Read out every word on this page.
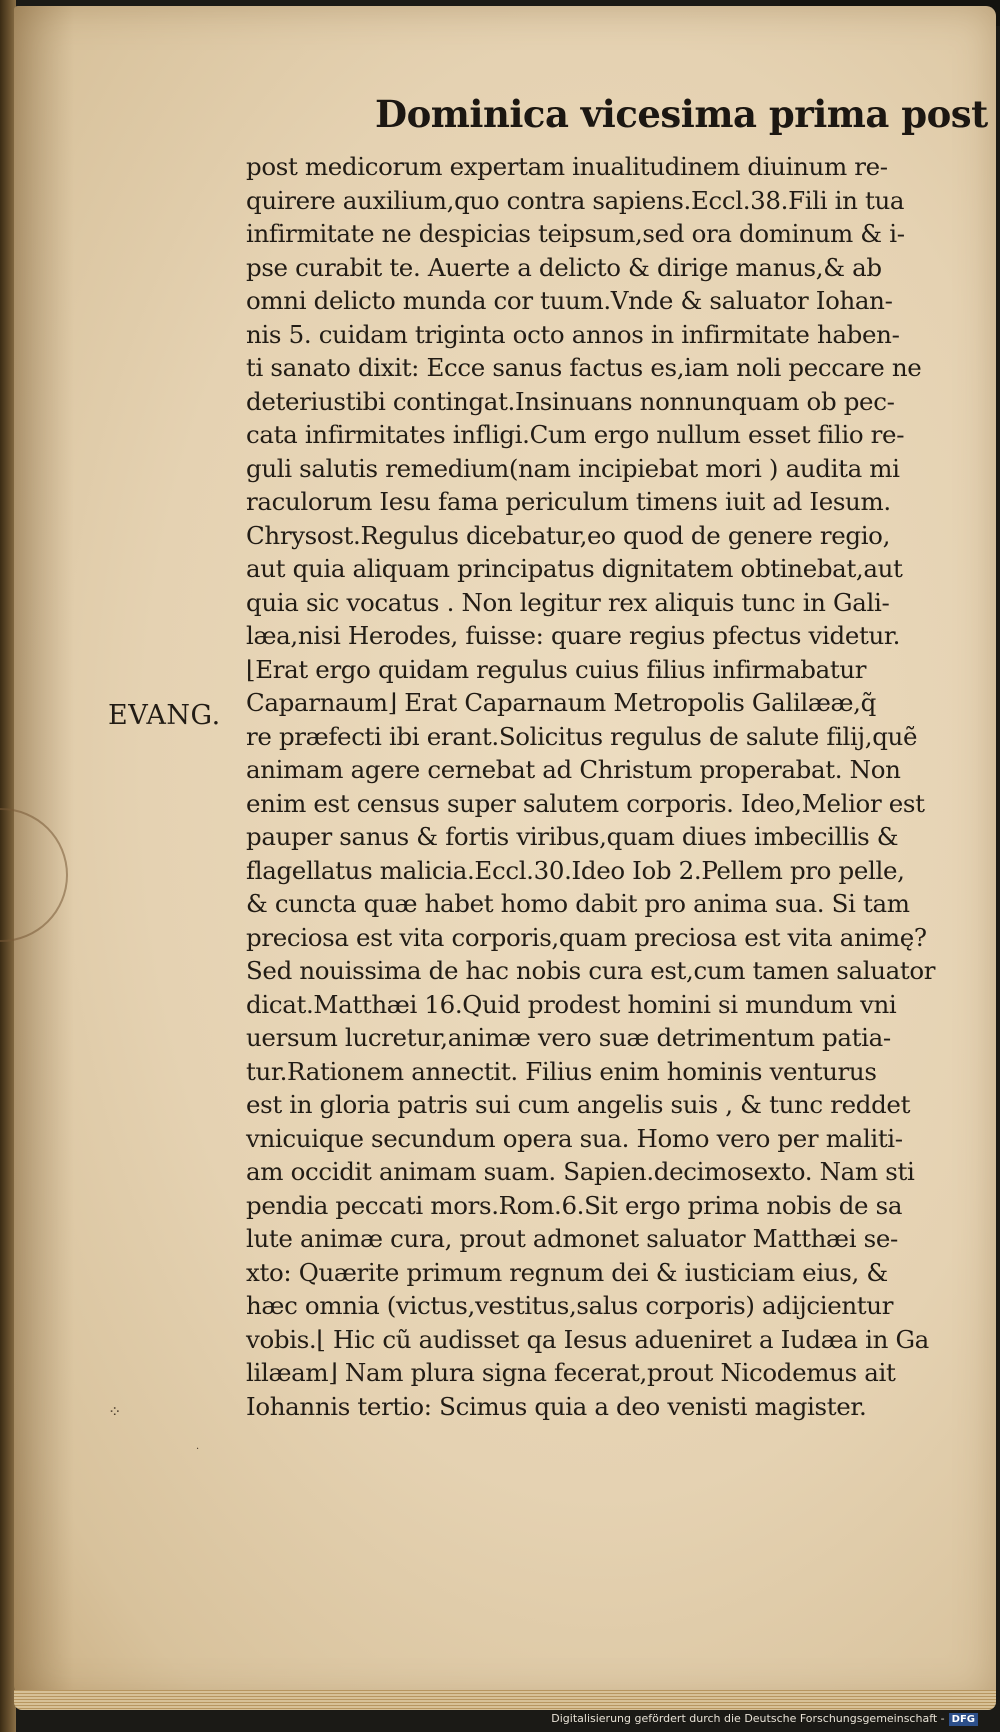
Dominica vicesima prima post
EVANG.
⁘
·
post medicorum expertam inualitudinem diuinum re-
quirere auxilium,quo contra sapiens.Eccl.38.Fili in tua
infirmitate ne despicias teipsum,sed ora dominum & i-
pse curabit te. Auerte a delicto & dirige manus,& ab
omni delicto munda cor tuum.Vnde & saluator Iohan-
nis 5. cuidam triginta octo annos in infirmitate haben-
ti sanato dixit: Ecce sanus factus es,iam noli peccare ne
deteriustibi contingat.Insinuans nonnunquam ob pec-
cata infirmitates infligi.Cum ergo nullum esset filio re-
guli salutis remedium(nam incipiebat mori ) audita mi
raculorum Iesu fama periculum timens iuit ad Iesum.
Chrysost.Regulus dicebatur,eo quod de genere regio,
aut quia aliquam principatus dignitatem obtinebat,aut
quia sic vocatus . Non legitur rex aliquis tunc in Gali-
læa,nisi Herodes, fuisse: quare regius pfectus videtur.
⌊Erat ergo quidam regulus cuius filius infirmabatur
Caparnaum⌋ Erat Caparnaum Metropolis Galilææ,q̃
re præfecti ibi erant.Solicitus regulus de salute filij,quẽ
animam agere cernebat ad Christum properabat. Non
enim est census super salutem corporis. Ideo,Melior est
pauper sanus & fortis viribus,quam diues imbecillis &
flagellatus malicia.Eccl.30.Ideo Iob 2.Pellem pro pelle,
& cuncta quæ habet homo dabit pro anima sua. Si tam
preciosa est vita corporis,quam preciosa est vita animę?
Sed nouissima de hac nobis cura est,cum tamen saluator
dicat.Matthæi 16.Quid prodest homini si mundum vni
uersum lucretur,animæ vero suæ detrimentum patia-
tur.Rationem annectit. Filius enim hominis venturus
est in gloria patris sui cum angelis suis , & tunc reddet
vnicuique secundum opera sua. Homo vero per maliti-
am occidit animam suam. Sapien.decimosexto. Nam sti
pendia peccati mors.Rom.6.Sit ergo prima nobis de sa
lute animæ cura, prout admonet saluator Matthæi se-
xto: Quærite primum regnum dei & iusticiam eius, &
hæc omnia (victus,vestitus,salus corporis) adijcientur
vobis.⌊ Hic cũ audisset qa Iesus adueniret a Iudæa in Ga
lilæam⌋ Nam plura signa fecerat,prout Nicodemus ait
Iohannis tertio: Scimus quia a deo venisti magister.
Digitalisierung gefördert durch die Deutsche Forschungsgemeinschaft - DFG
